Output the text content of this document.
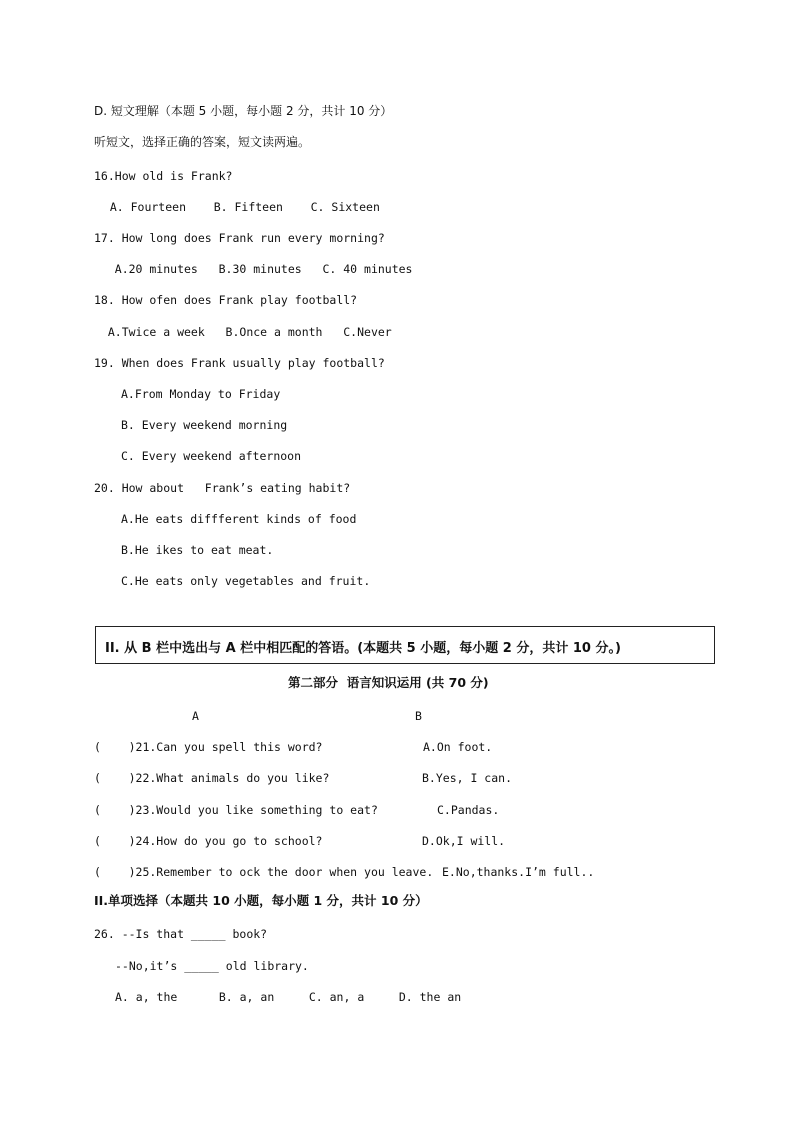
D. 短文理解（本题 5 小题，每小题 2 分，共计 10 分）
听短文，选择正确的答案，短文读两遍。
16.How old is Frank?
A. Fourteen    B. Fifteen    C. Sixteen
17. How long does Frank run every morning?
A.20 minutes   B.30 minutes   C. 40 minutes
18. How ofen does Frank play football?
A.Twice a week   B.Once a month   C.Never
19. When does Frank usually play football?
A.From Monday to Friday
B. Every weekend morning
C. Every weekend afternoon
20. How about   Frank’s eating habit?
A.He eats diffferent kinds of food
B.He ikes to eat meat.
C.He eats only vegetables and fruit.
II. 从 B 栏中选出与 A 栏中相匹配的答语。(本题共 5 小题，每小题 2 分，共计 10 分。)
第二部分  语言知识运用 (共 70 分)
A	B
(    )21.Can you spell this word?	A.On foot.
(    )22.What animals do you like?	B.Yes, I can.
(    )23.Would you like something to eat?	C.Pandas.
(    )24.How do you go to school?	D.Ok,I will.
(    )25.Remember to ock the door when you leave. E.No,thanks.I’m full..
II.单项选择（本题共 10 小题，每小题 1 分，共计 10 分）
26. --Is that _____ book?
--No,it’s _____ old library.
A. a, the      B. a, an     C. an, a     D. the an
